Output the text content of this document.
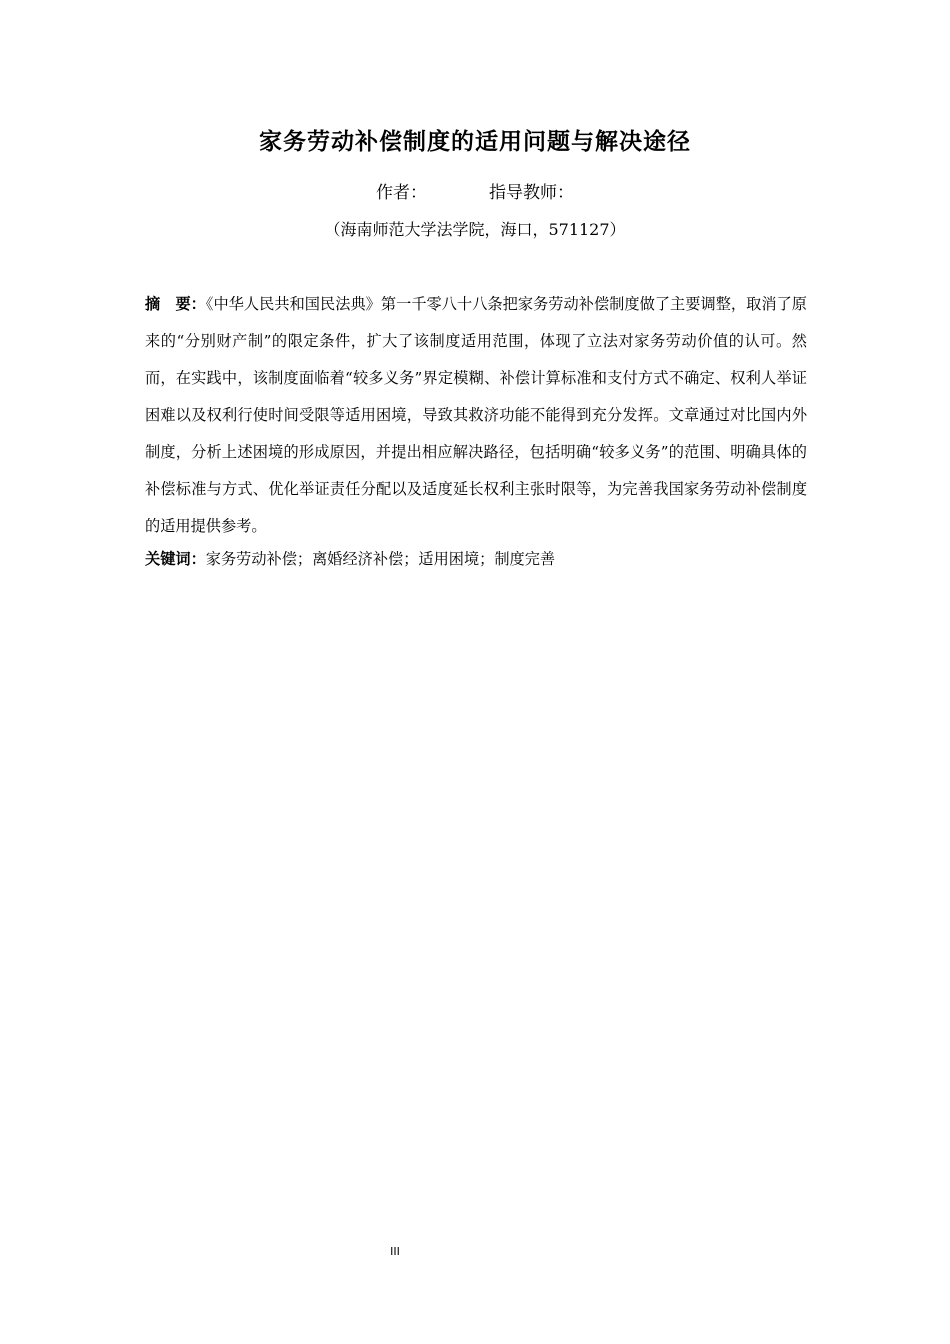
家务劳动补偿制度的适用问题与解决途径
作者：	指导教师：
（海南师范大学法学院，海口，571127）
摘　要：《中华人民共和国民法典》第一千零八十八条把家务劳动补偿制度做了主要调整，取消了原来的“分别财产制”的限定条件，扩大了该制度适用范围，体现了立法对家务劳动价值的认可。然而，在实践中，该制度面临着“较多义务”界定模糊、补偿计算标准和支付方式不确定、权利人举证困难以及权利行使时间受限等适用困境，导致其救济功能不能得到充分发挥。文章通过对比国内外制度，分析上述困境的形成原因，并提出相应解决路径，包括明确“较多义务”的范围、明确具体的补偿标准与方式、优化举证责任分配以及适度延长权利主张时限等，为完善我国家务劳动补偿制度的适用提供参考。
关键词：家务劳动补偿；离婚经济补偿；适用困境；制度完善
III
